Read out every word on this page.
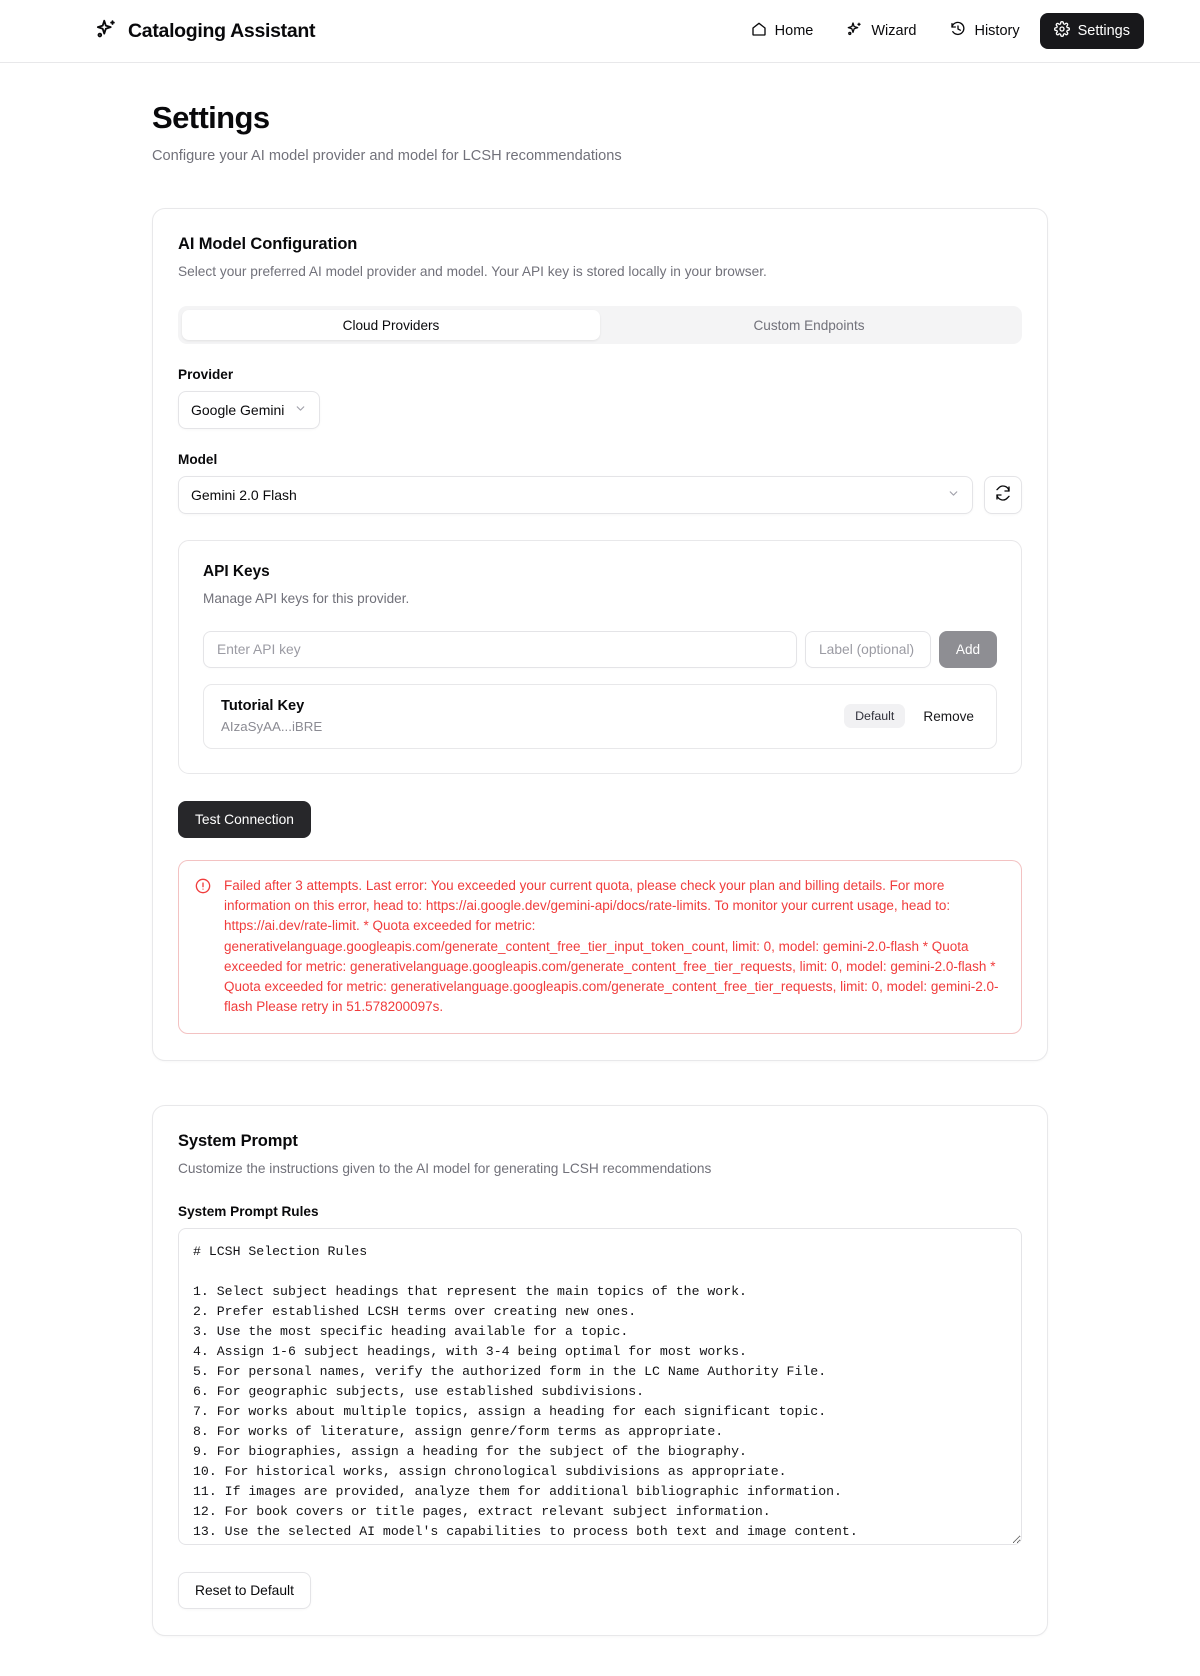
Cataloging Assistant	Home	Wizard	History	Settings
Settings
Configure your AI model provider and model for LCSH recommendations
AI Model Configuration
Select your preferred AI model provider and model. Your API key is stored locally in your browser.
Cloud Providers	Custom Endpoints
Provider
Google Gemini
Model
Gemini 2.0 Flash
API Keys
Manage API keys for this provider.
Enter API key
Label (optional)
Add
Tutorial Key
AIzaSyAA...iBRE
Default	Remove
Test Connection
Failed after 3 attempts. Last error: You exceeded your current quota, please check your plan and billing details. For more information on this error, head to: https://ai.google.dev/gemini-api/docs/rate-limits. To monitor your current usage, head to: https://ai.dev/rate-limit. * Quota exceeded for metric: generativelanguage.googleapis.com/generate_content_free_tier_input_token_count, limit: 0, model: gemini-2.0-flash * Quota exceeded for metric: generativelanguage.googleapis.com/generate_content_free_tier_requests, limit: 0, model: gemini-2.0-flash * Quota exceeded for metric: generativelanguage.googleapis.com/generate_content_free_tier_requests, limit: 0, model: gemini-2.0-flash Please retry in 51.578200097s.
System Prompt
Customize the instructions given to the AI model for generating LCSH recommendations
System Prompt Rules
# LCSH Selection Rules 1. Select subject headings that represent the main topics of the work. 2. Prefer established LCSH terms over creating new ones. 3. Use the most specific heading available for a topic. 4. Assign 1-6 subject headings, with 3-4 being optimal for most works. 5. For personal names, verify the authorized form in the LC Name Authority File. 6. For geographic subjects, use established subdivisions. 7. For works about multiple topics, assign a heading for each significant topic. 8. For works of literature, assign genre/form terms as appropriate. 9. For biographies, assign a heading for the subject of the biography. 10. For historical works, assign chronological subdivisions as appropriate. 11. If images are provided, analyze them for additional bibliographic information. 12. For book covers or title pages, extract relevant subject information. 13. Use the selected AI model's capabilities to process both text and image content.
Reset to Default
